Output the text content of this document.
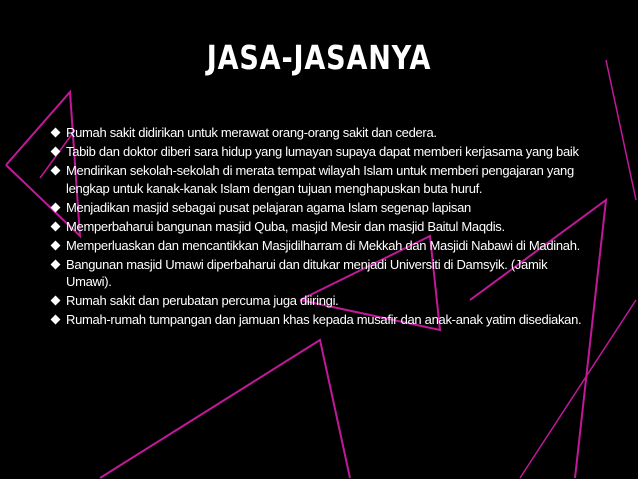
JASA-JASANYA
Rumah sakit didirikan untuk merawat orang-orang sakit dan cedera.
Tabib dan doktor diberi sara hidup yang lumayan supaya dapat memberi kerjasama yang baik
Mendirikan sekolah-sekolah di merata tempat wilayah Islam untuk memberi pengajaran yang lengkap untuk kanak-kanak Islam dengan tujuan menghapuskan buta huruf.
Menjadikan masjid sebagai pusat pelajaran agama Islam segenap lapisan
Memperbaharui bangunan masjid Quba, masjid Mesir dan masjid Baitul Maqdis.
Memperluaskan dan mencantikkan Masjidilharram di Mekkah dan Masjidi Nabawi di Madinah.
Bangunan masjid Umawi diperbaharui dan ditukar menjadi Universiti di Damsyik. (Jamik Umawi).
Rumah sakit dan perubatan percuma juga diiringi.
Rumah-rumah tumpangan dan jamuan khas kepada musafir dan anak-anak yatim disediakan.
